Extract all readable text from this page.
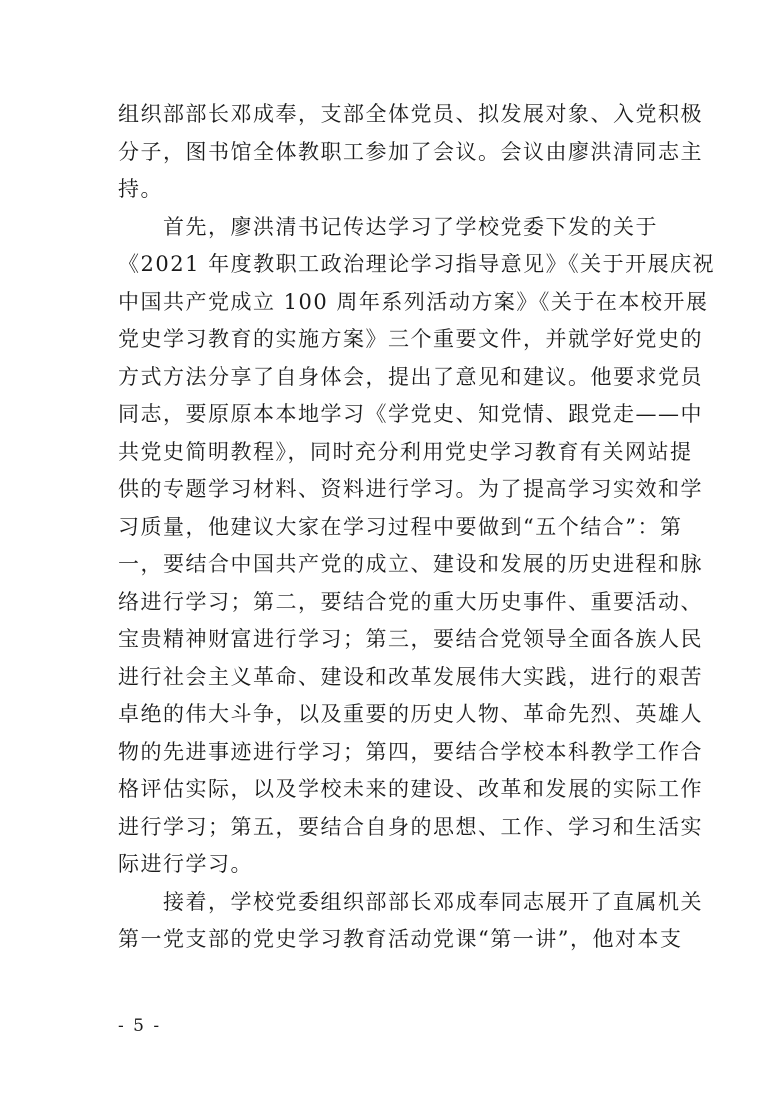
组织部部长邓成奉，支部全体党员、拟发展对象、入党积极
分子，图书馆全体教职工参加了会议。会议由廖洪清同志主
持。
　　首先，廖洪清书记传达学习了学校党委下发的关于
《2021 年度教职工政治理论学习指导意见》《关于开展庆祝
中国共产党成立 100 周年系列活动方案》《关于在本校开展
党史学习教育的实施方案》三个重要文件，并就学好党史的
方式方法分享了自身体会，提出了意见和建议。他要求党员
同志，要原原本本地学习《学党史、知党情、跟党走——中
共党史简明教程》，同时充分利用党史学习教育有关网站提
供的专题学习材料、资料进行学习。为了提高学习实效和学
习质量，他建议大家在学习过程中要做到“五个结合”：第
一，要结合中国共产党的成立、建设和发展的历史进程和脉
络进行学习；第二，要结合党的重大历史事件、重要活动、
宝贵精神财富进行学习；第三，要结合党领导全面各族人民
进行社会主义革命、建设和改革发展伟大实践，进行的艰苦
卓绝的伟大斗争，以及重要的历史人物、革命先烈、英雄人
物的先进事迹进行学习；第四，要结合学校本科教学工作合
格评估实际，以及学校未来的建设、改革和发展的实际工作
进行学习；第五，要结合自身的思想、工作、学习和生活实
际进行学习。
　　接着，学校党委组织部部长邓成奉同志展开了直属机关
第一党支部的党史学习教育活动党课“第一讲”，他对本支
- 5 -
